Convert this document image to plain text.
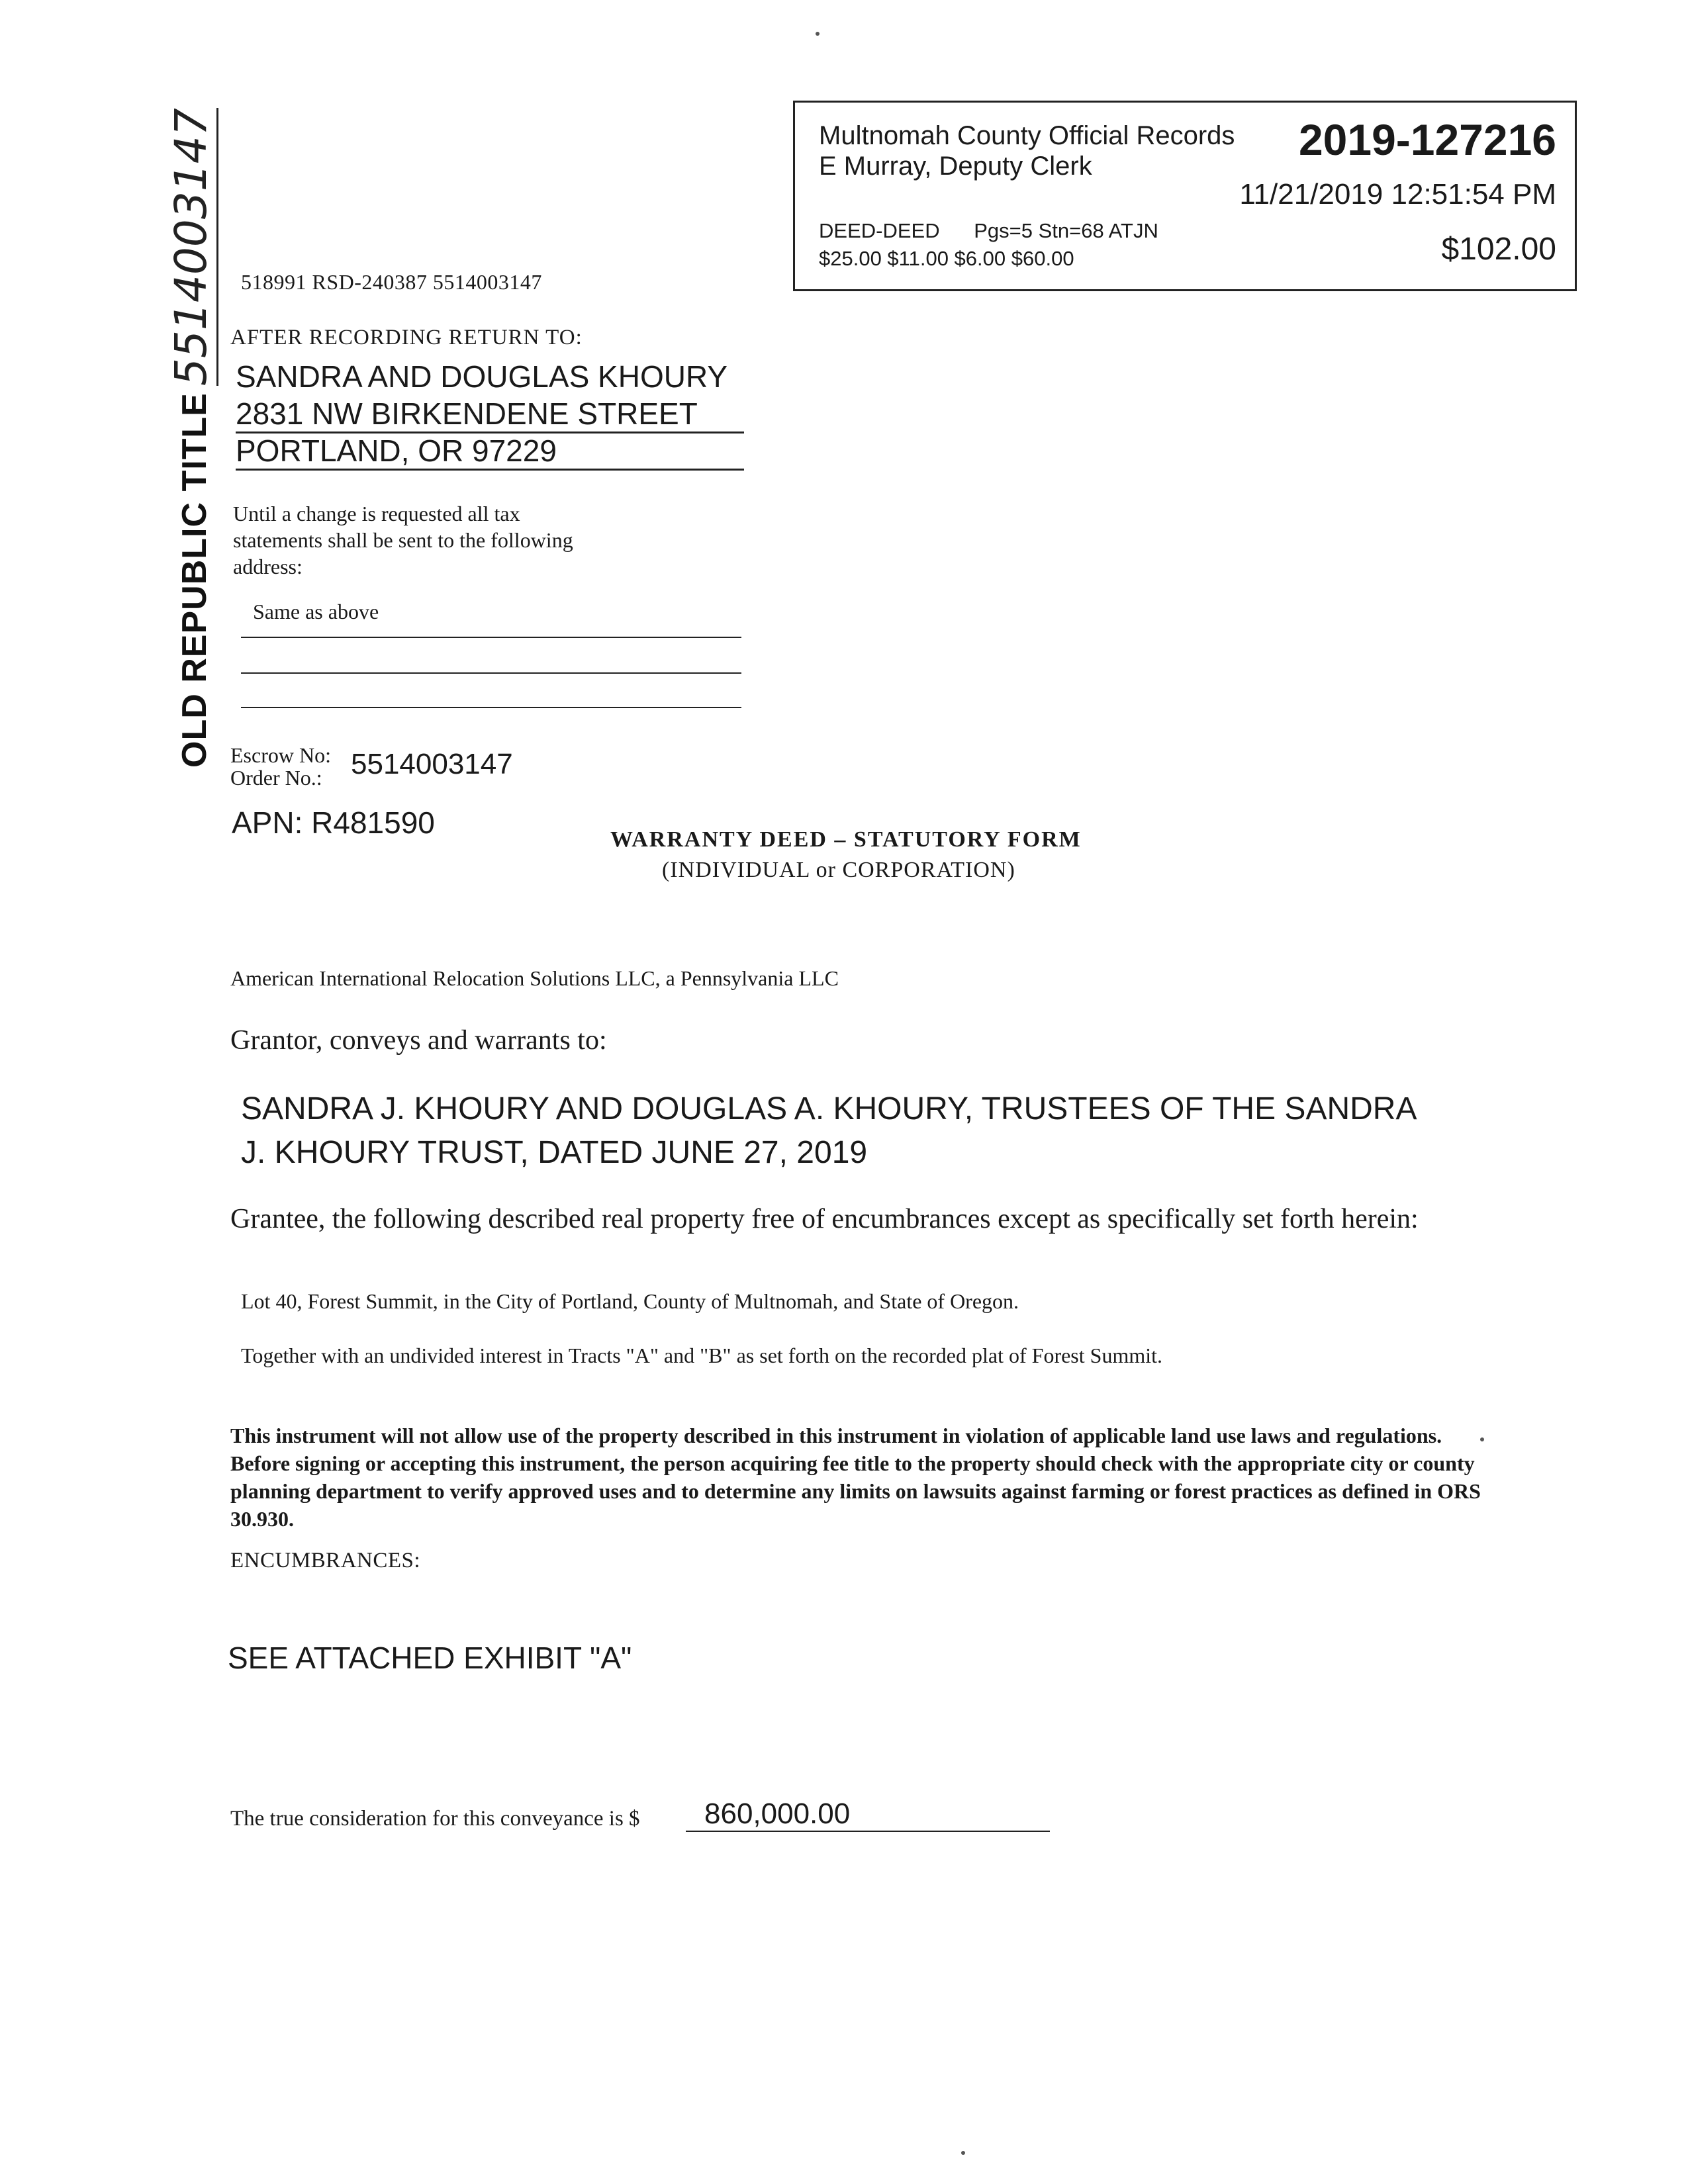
Multnomah County Official Records
E Murray, Deputy Clerk
2019-127216
11/21/2019 12:51:54 PM
DEED-DEED      Pgs=5 Stn=68 ATJN
$25.00 $11.00 $6.00 $60.00	$102.00
OLD REPUBLIC TITLE5514003147 518991 RSD-240387 5514003147
AFTER RECORDING RETURN TO:
SANDRA AND DOUGLAS KHOURY
2831 NW BIRKENDENE STREET
PORTLAND, OR 97229
Until a change is requested all tax
statements shall be sent to the following
address:
Same as above
Escrow No:
Order No.: 5514003147
APN: R481590	WARRANTY DEED – STATUTORY FORM
(INDIVIDUAL or CORPORATION)
American International Relocation Solutions LLC, a Pennsylvania LLC
Grantor, conveys and warrants to:
SANDRA J. KHOURY AND DOUGLAS A. KHOURY, TRUSTEES OF THE SANDRA
J. KHOURY TRUST, DATED JUNE 27, 2019
Grantee, the following described real property free of encumbrances except as specifically set forth herein:
Lot 40, Forest Summit, in the City of Portland, County of Multnomah, and State of Oregon.
Together with an undivided interest in Tracts "A" and "B" as set forth on the recorded plat of Forest Summit.
This instrument will not allow use of the property described in this instrument in violation of applicable land use laws and regulations. Before signing or accepting this instrument, the person acquiring fee title to the property should check with the appropriate city or county planning department to verify approved uses and to determine any limits on lawsuits against farming or forest practices as defined in ORS 30.930.
ENCUMBRANCES:
SEE ATTACHED EXHIBIT "A"
The true consideration for this conveyance is $	860,000.00
